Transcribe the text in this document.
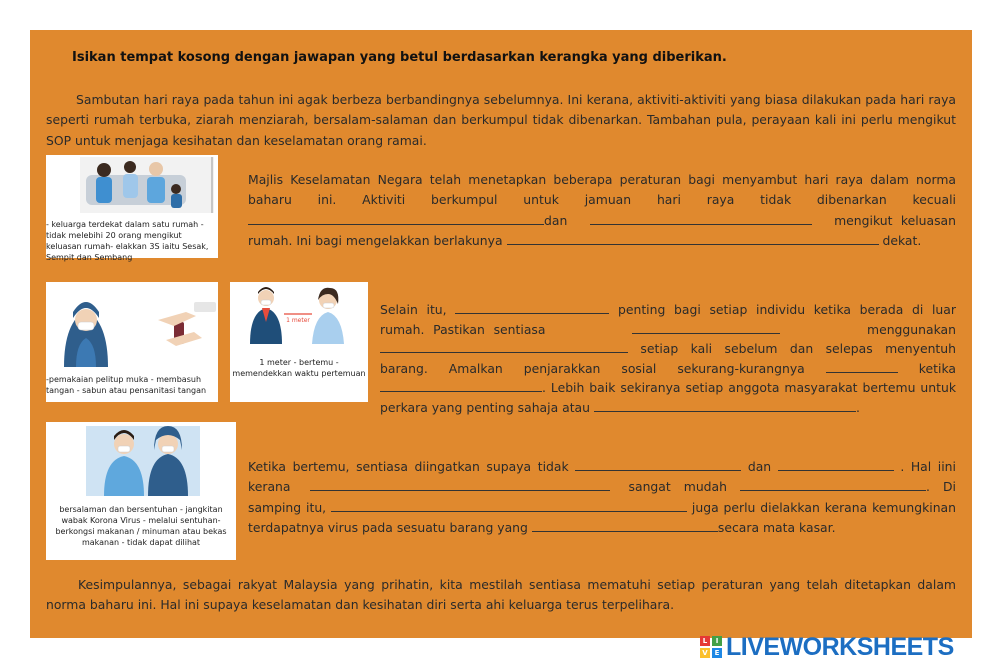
Isikan tempat kosong dengan jawapan yang betul berdasarkan kerangka yang diberikan.
Sambutan hari raya pada tahun ini agak berbeza berbandingnya sebelumnya. Ini kerana, aktiviti-aktiviti yang biasa dilakukan pada hari raya seperti rumah terbuka, ziarah menziarah, bersalam-salaman dan berkumpul tidak dibenarkan. Tambahan pula, perayaan kali ini perlu mengikut SOP untuk menjaga kesihatan dan keselamatan orang ramai.
- keluarga terdekat dalam satu rumah - tidak melebihi 20 orang mengikut keluasan rumah- elakkan 3S iaitu Sesak, Sempit dan Sembang
Majlis Keselamatan Negara telah menetapkan beberapa peraturan bagi menyambut hari raya dalam norma baharu ini. Aktiviti berkumpul untuk jamuan hari raya tidak dibenarkan kecuali dan	mengikut keluasan rumah. Ini bagi mengelakkan berlakunya	dekat.
-pemakaian pelitup muka - membasuh tangan - sabun atau pensanitasi tangan
1 meter
1 meter - bertemu - memendekkan waktu pertemuan
Selain itu,	penting bagi setiap individu ketika berada di luar rumah. Pastikan sentiasa	menggunakan  setiap kali sebelum dan selepas menyentuh barang. Amalkan penjarakkan sosial sekurang-kurangnya	ketika . Lebih baik sekiranya setiap anggota masyarakat bertemu untuk perkara yang penting sahaja atau	.
bersalaman dan bersentuhan - jangkitan wabak Korona Virus - melalui sentuhan- berkongsi makanan / minuman atau bekas makanan - tidak dapat dilihat
Ketika bertemu, sentiasa diingatkan supaya tidak	dan	. Hal iini kerana	sangat mudah	. Di samping itu,	juga perlu dielakkan kerana kemungkinan terdapatnya virus pada sesuatu barang yang	secara mata kasar.
Kesimpulannya, sebagai rakyat Malaysia yang prihatin, kita mestilah sentiasa mematuhi setiap peraturan yang telah ditetapkan dalam norma baharu ini. Hal ini supaya keselamatan dan kesihatan diri serta ahi keluarga terus terpelihara.
L	I
V E LIVEWORKSHEETS
